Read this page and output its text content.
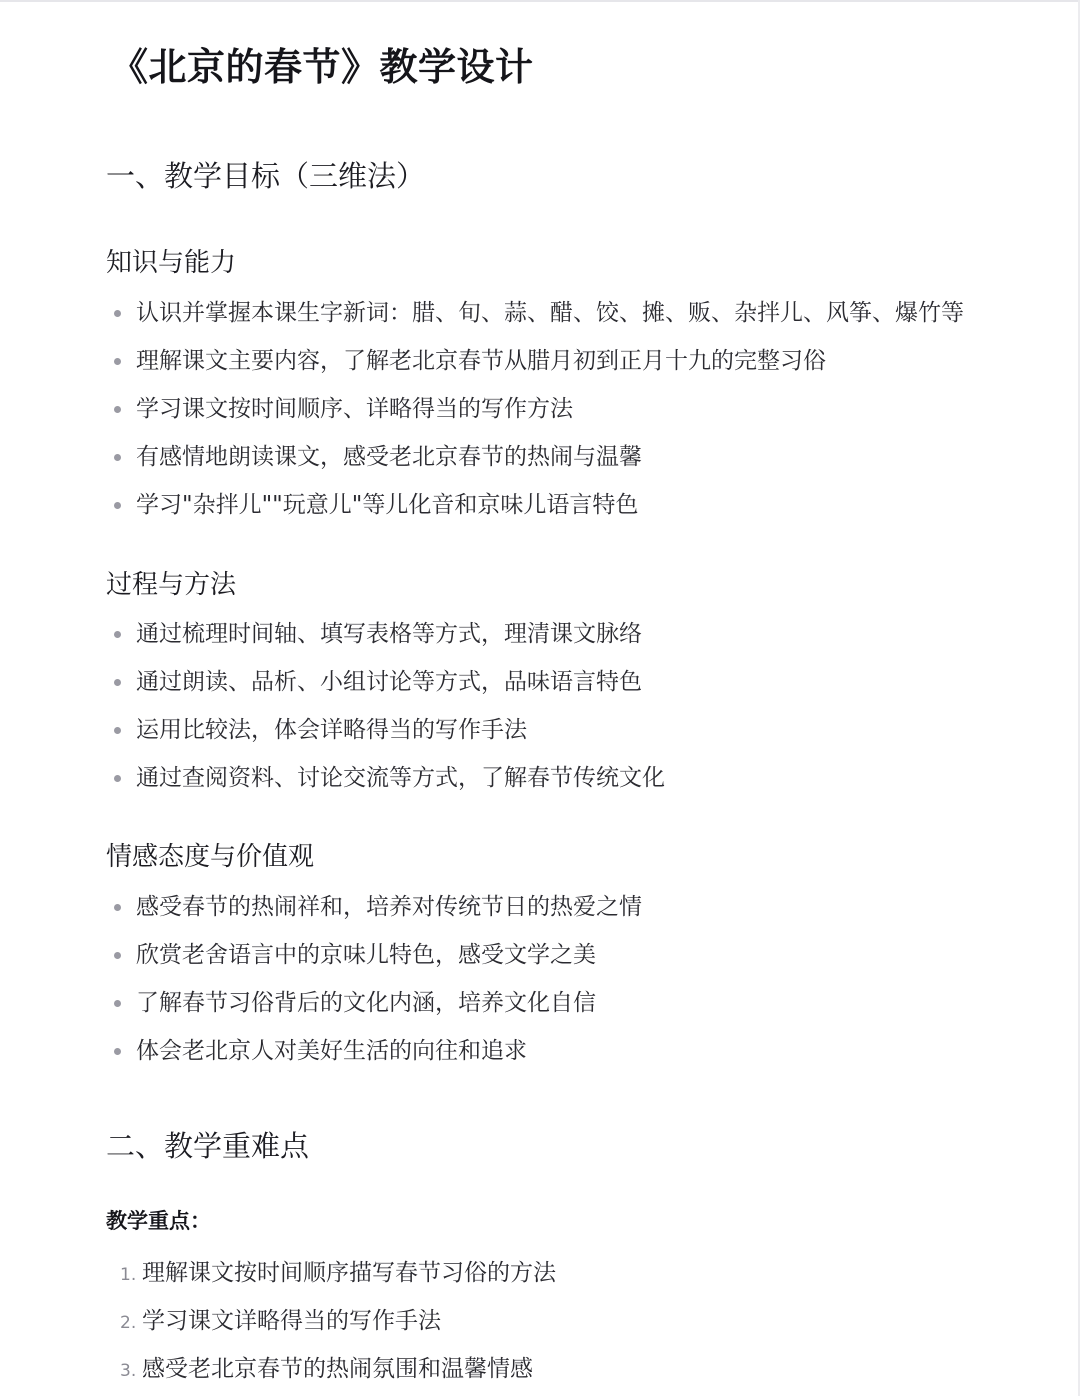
《北京的春节》教学设计
一、教学目标（三维法）
知识与能力
认识并掌握本课生字新词：腊、旬、蒜、醋、饺、摊、贩、杂拌儿、风筝、爆竹等
理解课文主要内容，了解老北京春节从腊月初到正月十九的完整习俗
学习课文按时间顺序、详略得当的写作方法
有感情地朗读课文，感受老北京春节的热闹与温馨
学习"杂拌儿""玩意儿"等儿化音和京味儿语言特色
过程与方法
通过梳理时间轴、填写表格等方式，理清课文脉络
通过朗读、品析、小组讨论等方式，品味语言特色
运用比较法，体会详略得当的写作手法
通过查阅资料、讨论交流等方式，了解春节传统文化
情感态度与价值观
感受春节的热闹祥和，培养对传统节日的热爱之情
欣赏老舍语言中的京味儿特色，感受文学之美
了解春节习俗背后的文化内涵，培养文化自信
体会老北京人对美好生活的向往和追求
二、教学重难点
教学重点：
1. 理解课文按时间顺序描写春节习俗的方法
2. 学习课文详略得当的写作手法
3. 感受老北京春节的热闹氛围和温馨情感
